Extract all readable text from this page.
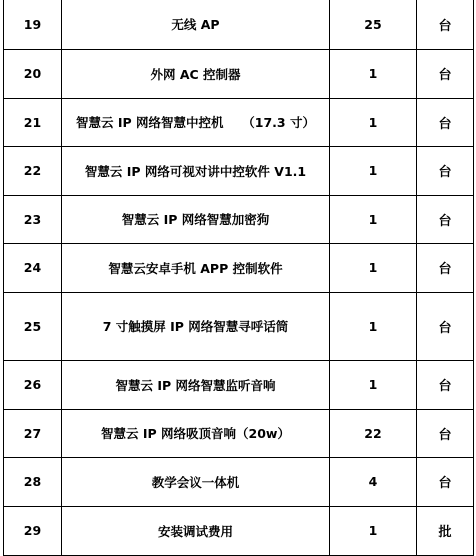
19	无线 AP	25	台
20	外网 AC 控制器	1	台
21	智慧云 IP 网络智慧中控机　　（17.3 寸）	1	台
22	智慧云 IP 网络可视对讲中控软件 V1.1	1	台
23	智慧云 IP 网络智慧加密狗	1	台
24	智慧云安卓手机 APP 控制软件	1	台
25	7 寸触摸屏 IP 网络智慧寻呼话筒	1	台
26	智慧云 IP 网络智慧监听音响	1	台
27	智慧云 IP 网络吸顶音响（20w）	22	台
28	教学会议一体机	4	台
29	安装调试费用	1	批
